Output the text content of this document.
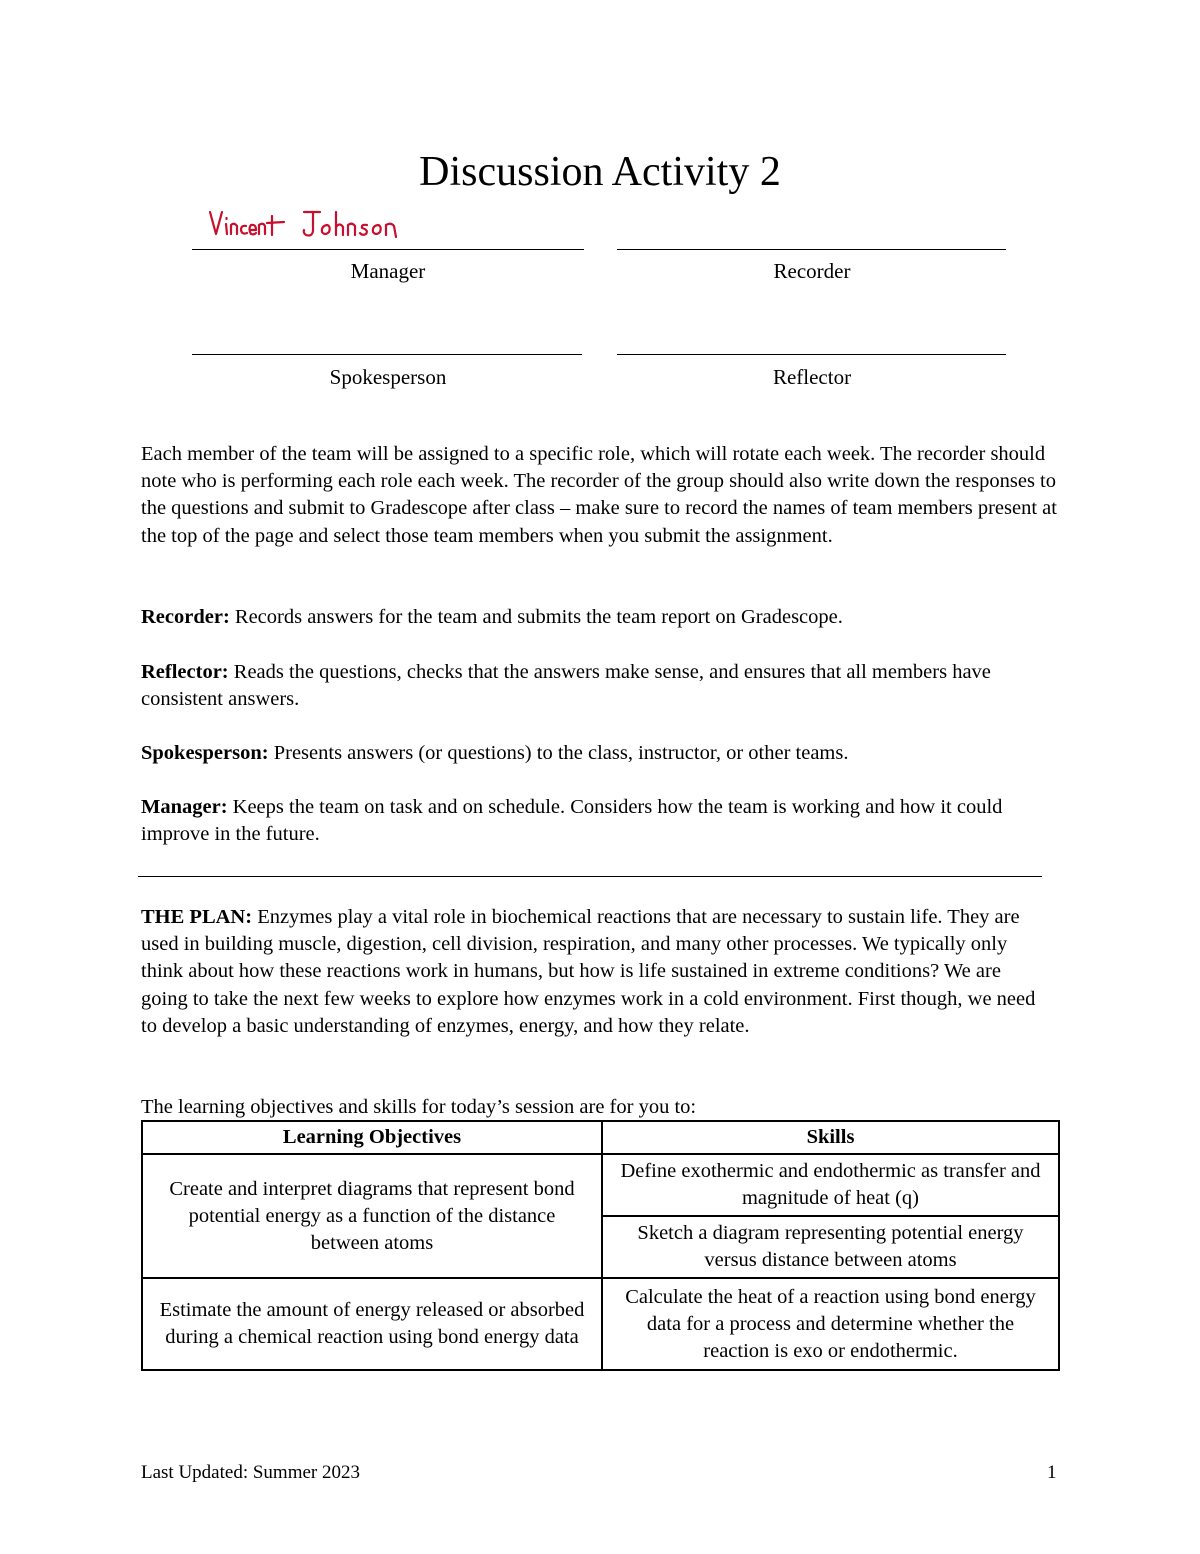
Discussion Activity 2
Manager	Recorder
Spokesperson	Reflector
Each member of the team will be assigned to a specific role, which will rotate each week. The recorder should note who is performing each role each week. The recorder of the group should also write down the responses to the questions and submit to Gradescope after class – make sure to record the names of team members present at the top of the page and select those team members when you submit the assignment.
Recorder: Records answers for the team and submits the team report on Gradescope.
Reflector: Reads the questions, checks that the answers make sense, and ensures that all members have consistent answers.
Spokesperson: Presents answers (or questions) to the class, instructor, or other teams.
Manager: Keeps the team on task and on schedule. Considers how the team is working and how it could improve in the future.
THE PLAN: Enzymes play a vital role in biochemical reactions that are necessary to sustain life. They are used in building muscle, digestion, cell division, respiration, and many other processes. We typically only think about how these reactions work in humans, but how is life sustained in extreme conditions? We are going to take the next few weeks to explore how enzymes work in a cold environment. First though, we need to develop a basic understanding of enzymes, energy, and how they relate.
The learning objectives and skills for today’s session are for you to:
Learning Objectives	Skills
Create and interpret diagrams that represent bond potential energy as a function of the distance between atoms	Define exothermic and endothermic as transfer and magnitude of heat (q)
	Sketch a diagram representing potential energy versus distance between atoms
Estimate the amount of energy released or absorbed during a chemical reaction using bond energy data	Calculate the heat of a reaction using bond energy data for a process and determine whether the reaction is exo or endothermic.
Last Updated: Summer 2023	1
